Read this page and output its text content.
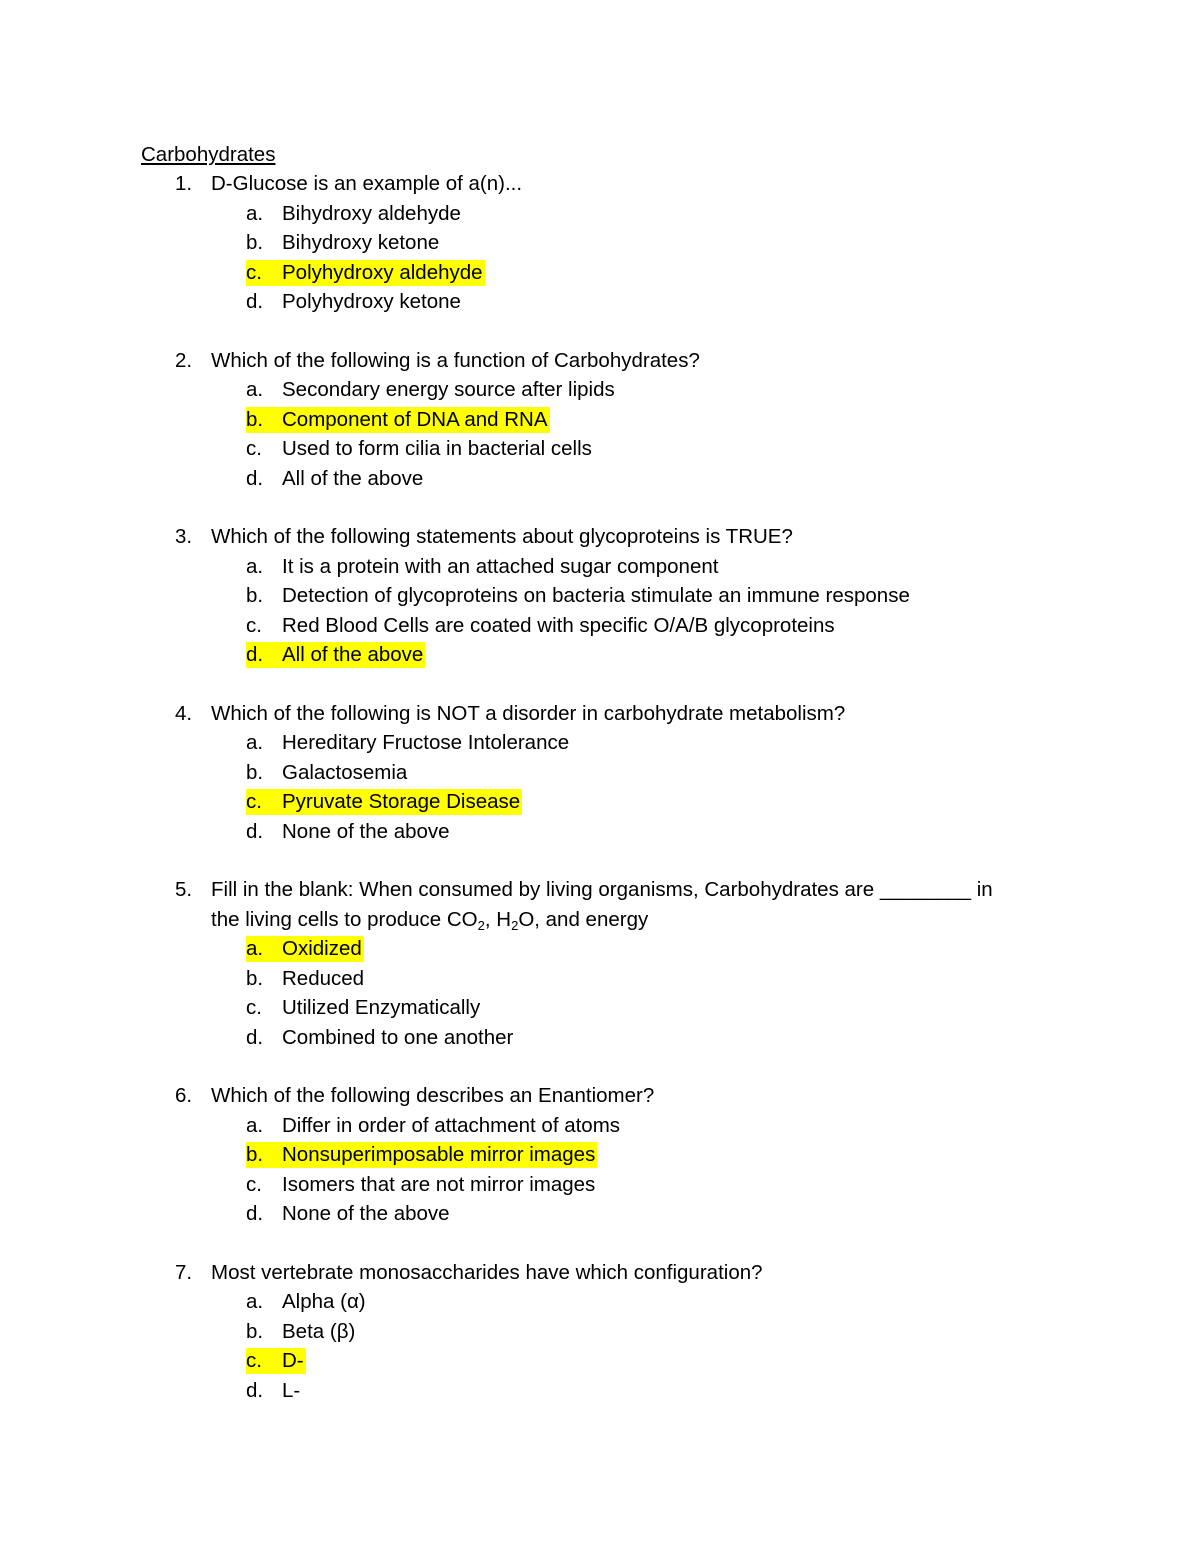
Carbohydrates
1. D-Glucose is an example of a(n)...
a. Bihydroxy aldehyde
b. Bihydroxy ketone
c. Polyhydroxy aldehyde
d. Polyhydroxy ketone
2. Which of the following is a function of Carbohydrates?
a. Secondary energy source after lipids
b. Component of DNA and RNA
c. Used to form cilia in bacterial cells
d. All of the above
3. Which of the following statements about glycoproteins is TRUE?
a. It is a protein with an attached sugar component
b. Detection of glycoproteins on bacteria stimulate an immune response
c. Red Blood Cells are coated with specific O/A/B glycoproteins
d. All of the above
4. Which of the following is NOT a disorder in carbohydrate metabolism?
a. Hereditary Fructose Intolerance
b. Galactosemia
c. Pyruvate Storage Disease
d. None of the above
5. Fill in the blank: When consumed by living organisms, Carbohydrates are ________ in
the living cells to produce $CO_2$, $H_2O$, and energy
a. Oxidized
b. Reduced
c. Utilized Enzymatically
d. Combined to one another
6. Which of the following describes an Enantiomer?
a. Differ in order of attachment of atoms
b. Nonsuperimposable mirror images
c. Isomers that are not mirror images
d. None of the above
7. Most vertebrate monosaccharides have which configuration?
a. Alpha (α)
b. Beta (β)
c. D-
d. L-
